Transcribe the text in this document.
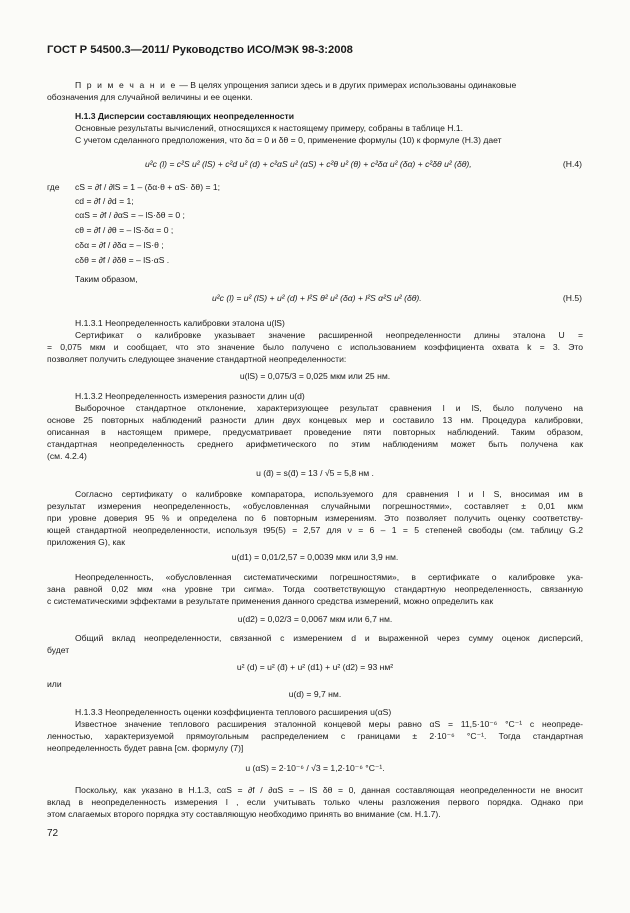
ГОСТ Р 54500.3—2011/ Руководство ИСО/МЭК 98-3:2008
П р и м е ч а н и е — В целях упрощения записи здесь и в других примерах использованы одинаковые
обозначения для случайной величины и ее оценки.
Н.1.3 Дисперсии составляющих неопределенности
Основные результаты вычислений, относящихся к настоящему примеру, собраны в таблице Н.1.
С учетом сделанного предположения, что δα = 0 и δθ = 0, применение формулы (10) к формуле (Н.3) дает
u²c (l) = c²S u² (lS) + c²d u² (d) + c²αS u² (αS) + c²θ u² (θ) + c²δα u² (δα) + c²δθ u² (δθ),	(Н.4)
где cS = ∂f / ∂lS = 1 – (δα·θ + αS· δθ) = 1;
cd = ∂f / ∂d = 1;
cαS = ∂f / ∂αS = – lS·δθ = 0 ;
cθ = ∂f / ∂θ = – lS·δα = 0 ;
cδα = ∂f / ∂δα = – lS·θ ;
cδθ = ∂f / ∂δθ = – lS·αS .
Таким образом,
u²c (l) = u² (lS) + u² (d) + l²S θ² u² (δα) + l²S α²S u² (δθ).	(Н.5)
Н.1.3.1 Неопределенность калибровки эталона u(lS)
Сертификат о калибровке указывает значение расширенной неопределенности длины эталона U =
= 0,075 мкм и сообщает, что это значение было получено с использованием коэффициента охвата k = 3. Это
позволяет получить следующее значение стандартной неопределенности:
u(lS) = 0,075/3 = 0,025 мкм или 25 нм.
Н.1.3.2 Неопределенность измерения разности длин u(d)
Выборочное стандартное отклонение, характеризующее результат сравнения l и lS, было получено на
основе 25 повторных наблюдений разности длин двух концевых мер и составило 13 нм. Процедура калибровки,
описанная в настоящем примере, предусматривает проведение пяти повторных наблюдений. Таким образом,
стандартная неопределенность среднего арифметического по этим наблюдениям может быть получена как
(см. 4.2.4)
u (d̄) = s(d̄) = 13 / √5 = 5,8 нм .
Согласно сертификату о калибровке компаратора, используемого для сравнения l и l S, вносимая им в
результат измерения неопределенность, «обусловленная случайными погрешностями», составляет ± 0,01 мкм
при уровне доверия 95 % и определена по 6 повторным измерениям. Это позволяет получить оценку соответству-
ющей стандартной неопределенности, используя t95(5) = 2,57 для ν = 6 – 1 = 5 степеней свободы (см. таблицу G.2
приложения G), как
u(d1) = 0,01/2,57 = 0,0039 мкм или 3,9 нм.
Неопределенность, «обусловленная систематическими погрешностями», в сертификате о калибровке ука-
зана равной 0,02 мкм «на уровне три сигма». Тогда соответствующую стандартную неопределенность, связанную
с систематическими эффектами в результате применения данного средства измерений, можно определить как
u(d2) = 0,02/3 = 0,0067 мкм или 6,7 нм.
Общий вклад неопределенности, связанной с измерением d и выраженной через сумму оценок дисперсий,
будет
u² (d) = u² (d̄) + u² (d1) + u² (d2) = 93 нм²
или
u(d) = 9,7 нм.
Н.1.3.3 Неопределенность оценки коэффициента теплового расширения u(αS)
Известное значение теплового расширения эталонной концевой меры равно αS = 11,5·10⁻⁶ °C⁻¹ с неопреде-
ленностью, характеризуемой прямоугольным распределением с границами ± 2·10⁻⁶ °C⁻¹. Тогда стандартная
неопределенность будет равна [см. формулу (7)]
u (αS) = 2·10⁻⁶ / √3 = 1,2·10⁻⁶ °C⁻¹.
Поскольку, как указано в Н.1.3, cαS = ∂f / ∂αS = – lS δθ = 0, данная составляющая неопределенности не вносит
вклад в неопределенность измерения l , если учитывать только члены разложения первого порядка. Однако при
этом слагаемых второго порядка эту составляющую необходимо принять во внимание (см. Н.1.7).
72
